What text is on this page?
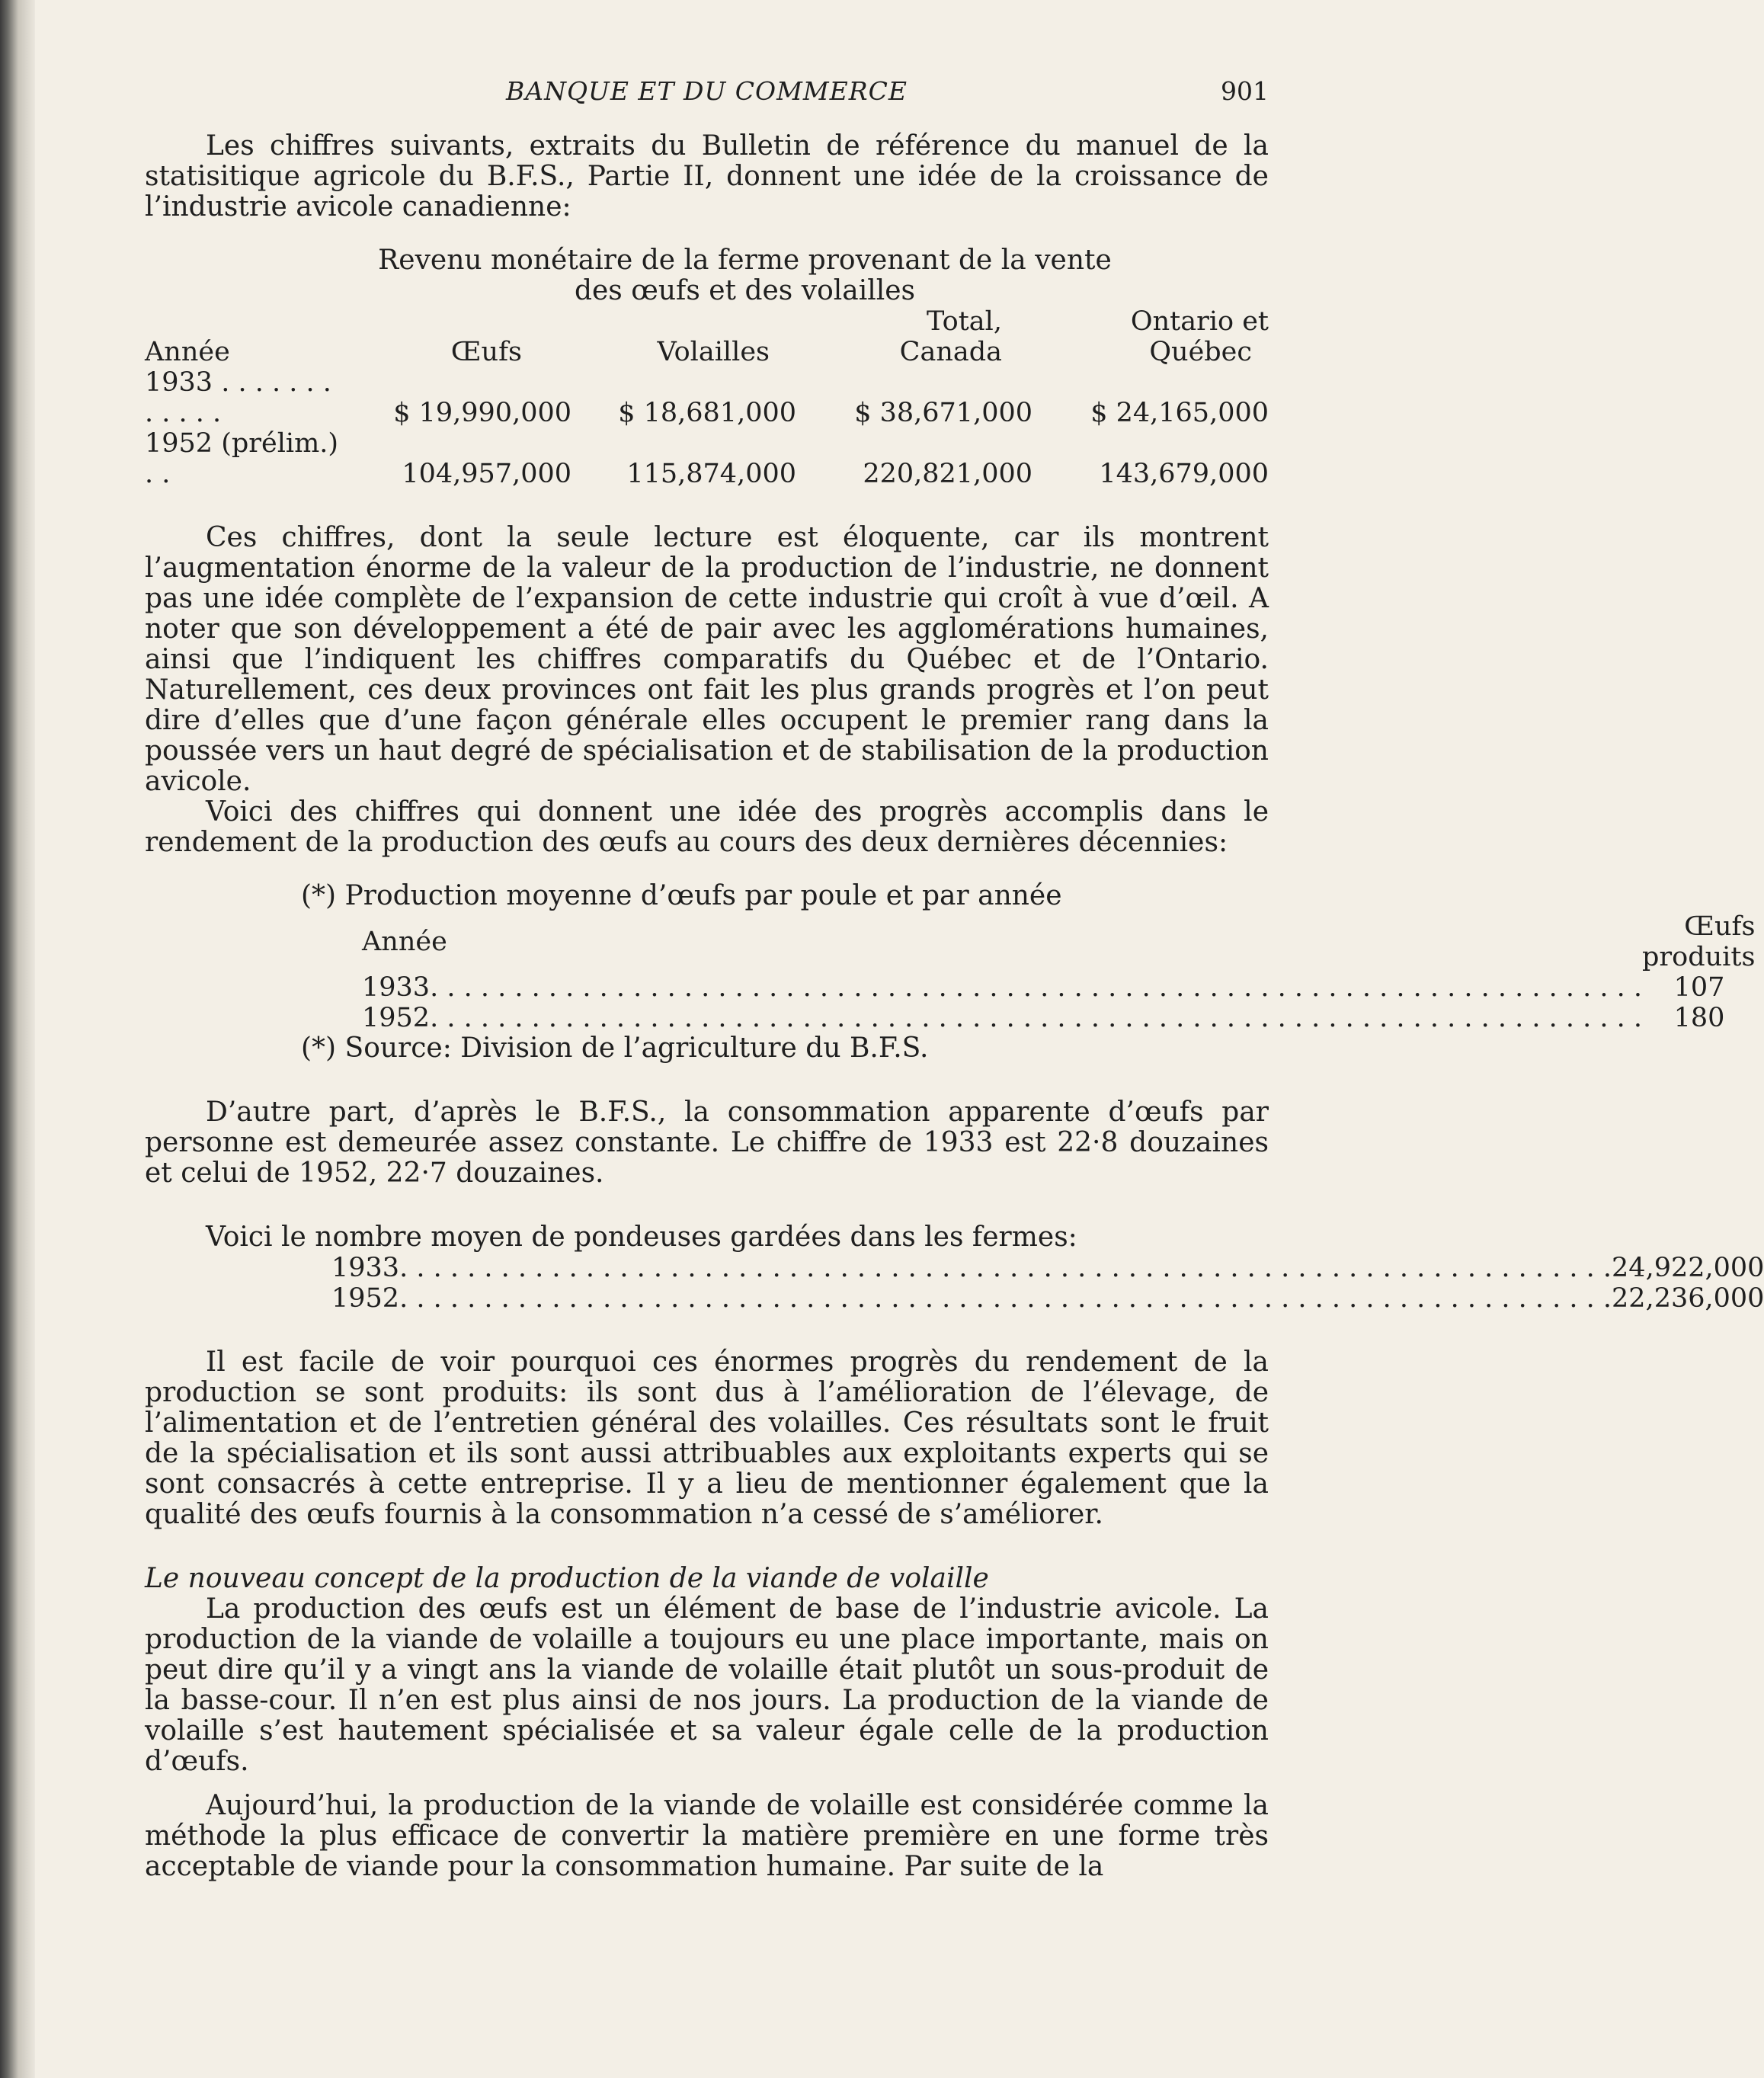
BANQUE ET DU COMMERCE	901

Les chiffres suivants, extraits du Bulletin de référence du manuel de la statisitique agricole du B.F.S., Partie II, donnent une idée de la croissance de l’industrie avicole canadienne:

Revenu monétaire de la ferme provenant de la vente
des œufs et des volailles
			Total,	Ontario et
Année	Œufs	Volailles	Canada	Québec
1933 . . . . . . . . . . . .	$ 19,990,000	$ 18,681,000	$ 38,671,000	$ 24,165,000
1952 (prélim.) . .	104,957,000	115,874,000	220,821,000	143,679,000

Ces chiffres, dont la seule lecture est éloquente, car ils montrent l’augmentation énorme de la valeur de la production de l’industrie, ne donnent pas une idée complète de l’expansion de cette industrie qui croît à vue d’œil. A noter que son développement a été de pair avec les agglomérations humaines, ainsi que l’indiquent les chiffres comparatifs du Québec et de l’Ontario. Naturellement, ces deux provinces ont fait les plus grands progrès et l’on peut dire d’elles que d’une façon générale elles occupent le premier rang dans la poussée vers un haut degré de spécialisation et de stabilisation de la production avicole.

Voici des chiffres qui donnent une idée des progrès accomplis dans le rendement de la production des œufs au cours des deux dernières décennies:

(*) Production moyenne d’œufs par poule et par année
Année		Œufs produits
1933	. . .	107
1952	. . .	180
(*) Source: Division de l’agriculture du B.F.S.

D’autre part, d’après le B.F.S., la consommation apparente d’œufs par personne est demeurée assez constante. Le chiffre de 1933 est 22·8 douzaines et celui de 1952, 22·7 douzaines.

Voici le nombre moyen de pondeuses gardées dans les fermes:

1933	. . .	24,922,000
1952	. . .	22,236,000

Il est facile de voir pourquoi ces énormes progrès du rendement de la production se sont produits: ils sont dus à l’amélioration de l’élevage, de l’alimentation et de l’entretien général des volailles. Ces résultats sont le fruit de la spécialisation et ils sont aussi attribuables aux exploitants experts qui se sont consacrés à cette entreprise. Il y a lieu de mentionner également que la qualité des œufs fournis à la consommation n’a cessé de s’améliorer.

Le nouveau concept de la production de la viande de volaille

La production des œufs est un élément de base de l’industrie avicole. La production de la viande de volaille a toujours eu une place importante, mais on peut dire qu’il y a vingt ans la viande de volaille était plutôt un sous-produit de la basse-cour. Il n’en est plus ainsi de nos jours. La production de la viande de volaille s’est hautement spécialisée et sa valeur égale celle de la production d’œufs.

Aujourd’hui, la production de la viande de volaille est considérée comme la méthode la plus efficace de convertir la matière première en une forme très acceptable de viande pour la consommation humaine. Par suite de la
